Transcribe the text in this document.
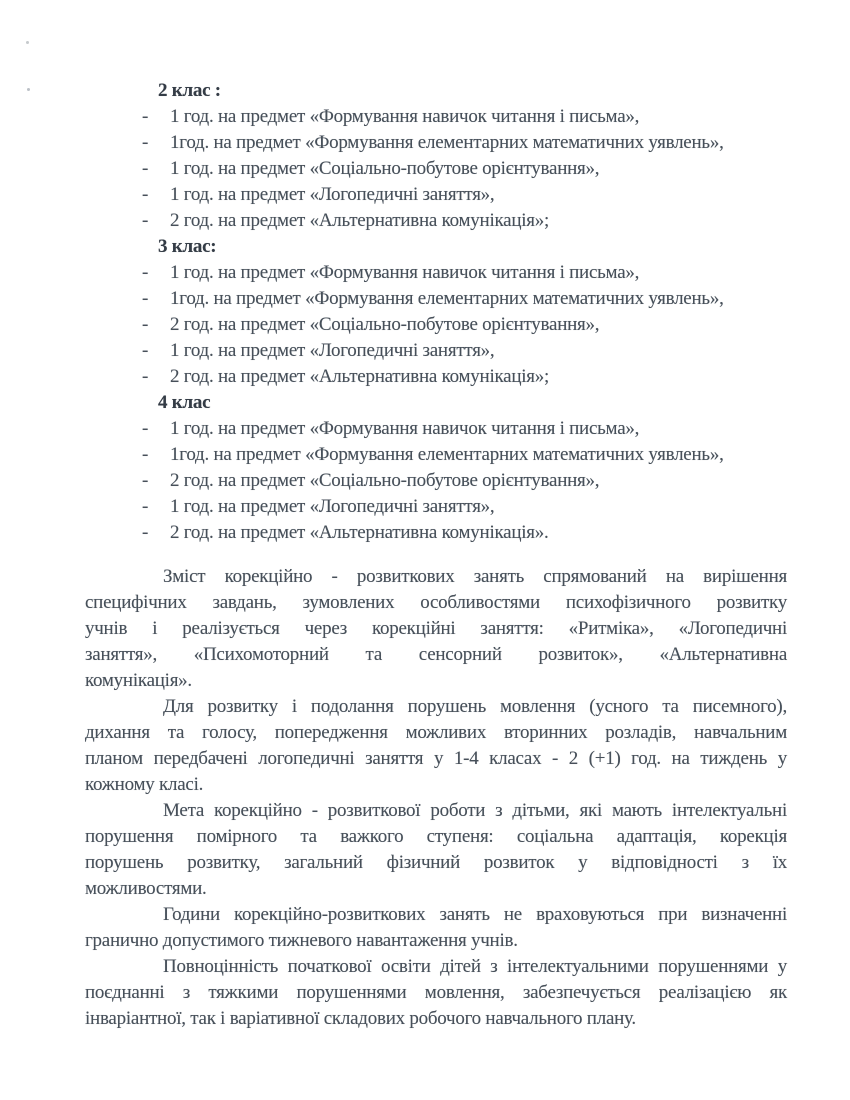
2 клас :
- 1 год. на предмет «Формування навичок читання і письма»,
- 1год. на предмет «Формування елементарних математичних уявлень»,
- 1 год. на предмет «Соціально-побутове орієнтування»,
- 1 год. на предмет «Логопедичні заняття»,
- 2 год. на предмет «Альтернативна комунікація»;
3 клас:
- 1 год. на предмет «Формування навичок читання і письма»,
- 1год. на предмет «Формування елементарних математичних уявлень»,
- 2 год. на предмет «Соціально-побутове орієнтування»,
- 1 год. на предмет «Логопедичні заняття»,
- 2 год. на предмет «Альтернативна комунікація»;
4 клас
- 1 год. на предмет «Формування навичок читання і письма»,
- 1год. на предмет «Формування елементарних математичних уявлень»,
- 2 год. на предмет «Соціально-побутове орієнтування»,
- 1 год. на предмет «Логопедичні заняття»,
- 2 год. на предмет «Альтернативна комунікація».
Зміст корекційно - розвиткових занять спрямований на вирішення
специфічних завдань, зумовлених особливостями психофізичного розвитку
учнів і реалізується через корекційні заняття: «Ритміка», «Логопедичні
заняття», «Психомоторний та сенсорний розвиток», «Альтернативна
комунікація».
Для розвитку і подолання порушень мовлення (усного та писемного),
дихання та голосу, попередження можливих вторинних розладів, навчальним
планом передбачені логопедичні заняття у 1-4 класах - 2 (+1) год. на тиждень у
кожному класі.
Мета корекційно - розвиткової роботи з дітьми, які мають інтелектуальні
порушення помірного та важкого ступеня: соціальна адаптація, корекція
порушень розвитку, загальний фізичний розвиток у відповідності з їх
можливостями.
Години корекційно-розвиткових занять не враховуються при визначенні
гранично допустимого тижневого навантаження учнів.
Повноцінність початкової освіти дітей з інтелектуальними порушеннями у
поєднанні з тяжкими порушеннями мовлення, забезпечується реалізацією як
інваріантної, так і варіативної складових робочого навчального плану.
